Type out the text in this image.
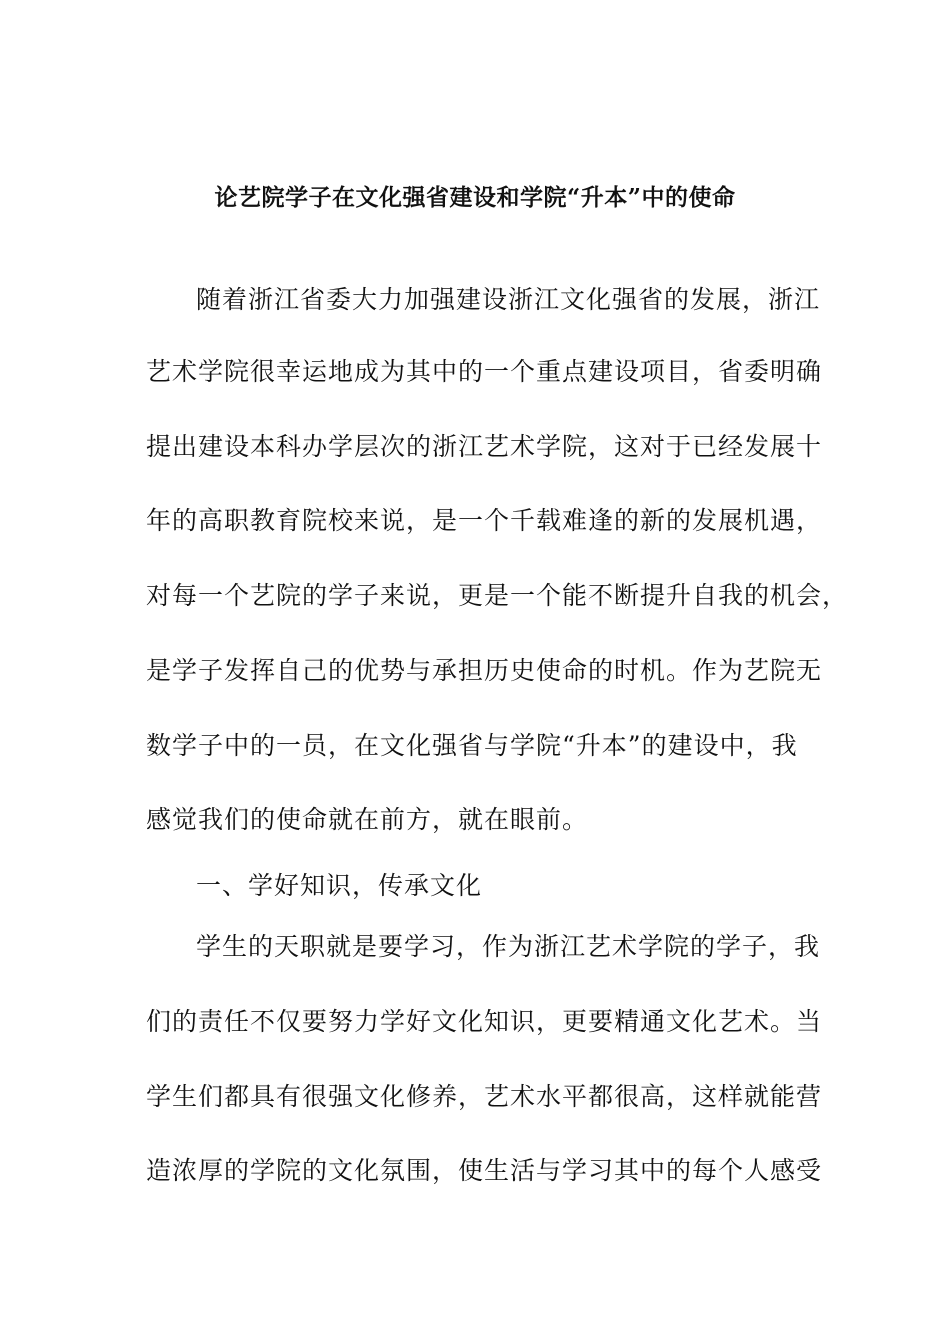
论艺院学子在文化强省建设和学院“升本”中的使命
随着浙江省委大力加强建设浙江文化强省的发展，浙江
艺术学院很幸运地成为其中的一个重点建设项目，省委明确
提出建设本科办学层次的浙江艺术学院，这对于已经发展十
年的高职教育院校来说，是一个千载难逢的新的发展机遇，
对每一个艺院的学子来说，更是一个能不断提升自我的机会，
是学子发挥自己的优势与承担历史使命的时机。作为艺院无
数学子中的一员，在文化强省与学院“升本”的建设中，我
感觉我们的使命就在前方，就在眼前。
一、学好知识，传承文化
学生的天职就是要学习，作为浙江艺术学院的学子，我
们的责任不仅要努力学好文化知识，更要精通文化艺术。当
学生们都具有很强文化修养，艺术水平都很高，这样就能营
造浓厚的学院的文化氛围，使生活与学习其中的每个人感受
